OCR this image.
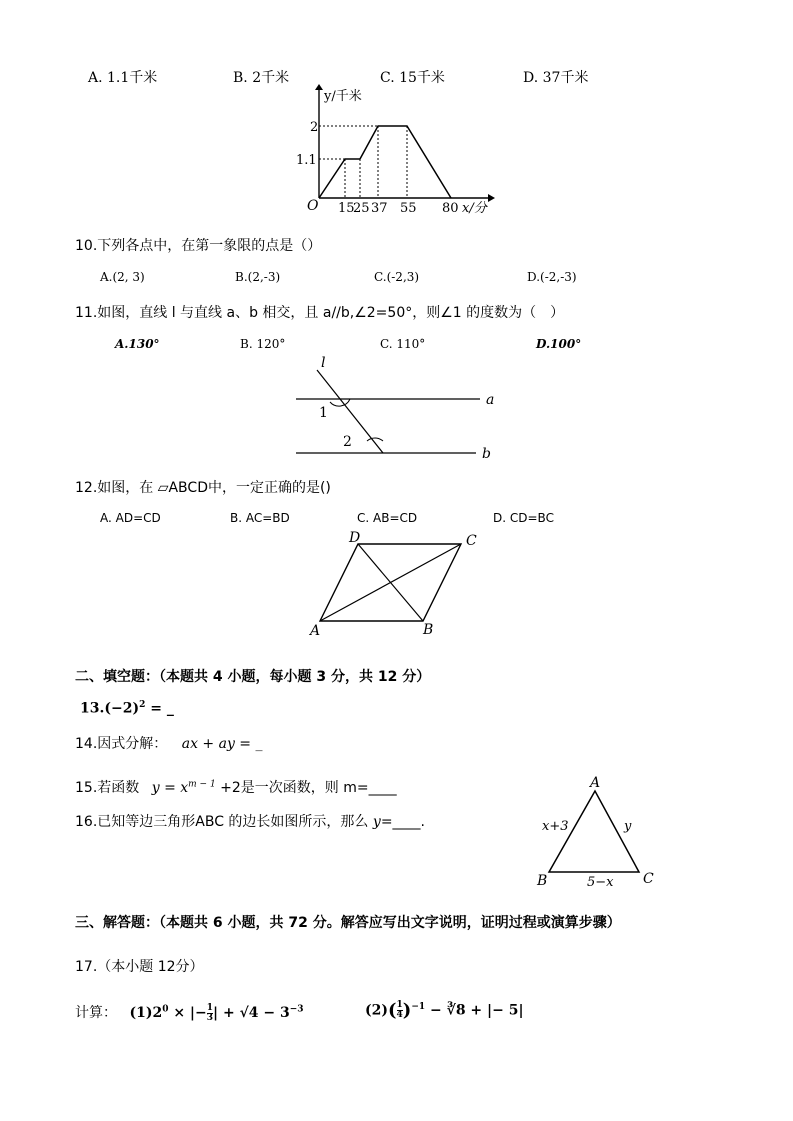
A. 1.1千米	B. 2千米	C. 15千米	D. 37千米
y/千米
2
1.1
O 15
25 37 55 80 x/分
10.下列各点中，在第一象限的点是（）
A.(2, 3)	B.(2,-3)	C.(-2,3)	D.(-2,-3)
11.如图，直线 l 与直线 a、b 相交，且 a//b,∠2=50°，则∠1 的度数为（　）
A.130°	B. 120°	C. 110°	D.100°
l
a
b
1
2
12.如图，在 ▱ABCD中，一定正确的是()
A. AD=CD	B. AC=BD	C. AB=CD	D. CD=BC
A	B
C
D
二、填空题：（本题共 4 小题，每小题 3 分，共 12 分）
$13.(-2)^2$ = _
14.因式分解： ax + ay = _
15.若函数 $y = x^{m - 1} +2$是一次函数，则 m=____
16.已知等边三角形ABC 的边长如图所示，那么 y=____.
A
B	C
x+3	y
5−x
三、解答题：（本题共 6 小题，共 72 分。解答应写出文字说明，证明过程或演算步骤）
17.（本小题 12分）
计算： $(1)2^0$ × |− $\frac{1}{3}$ | + $√4 - 3^{-3}$	$(2)( \frac{1}{4} )^{-1}$ − ∛8 + |− 5|
